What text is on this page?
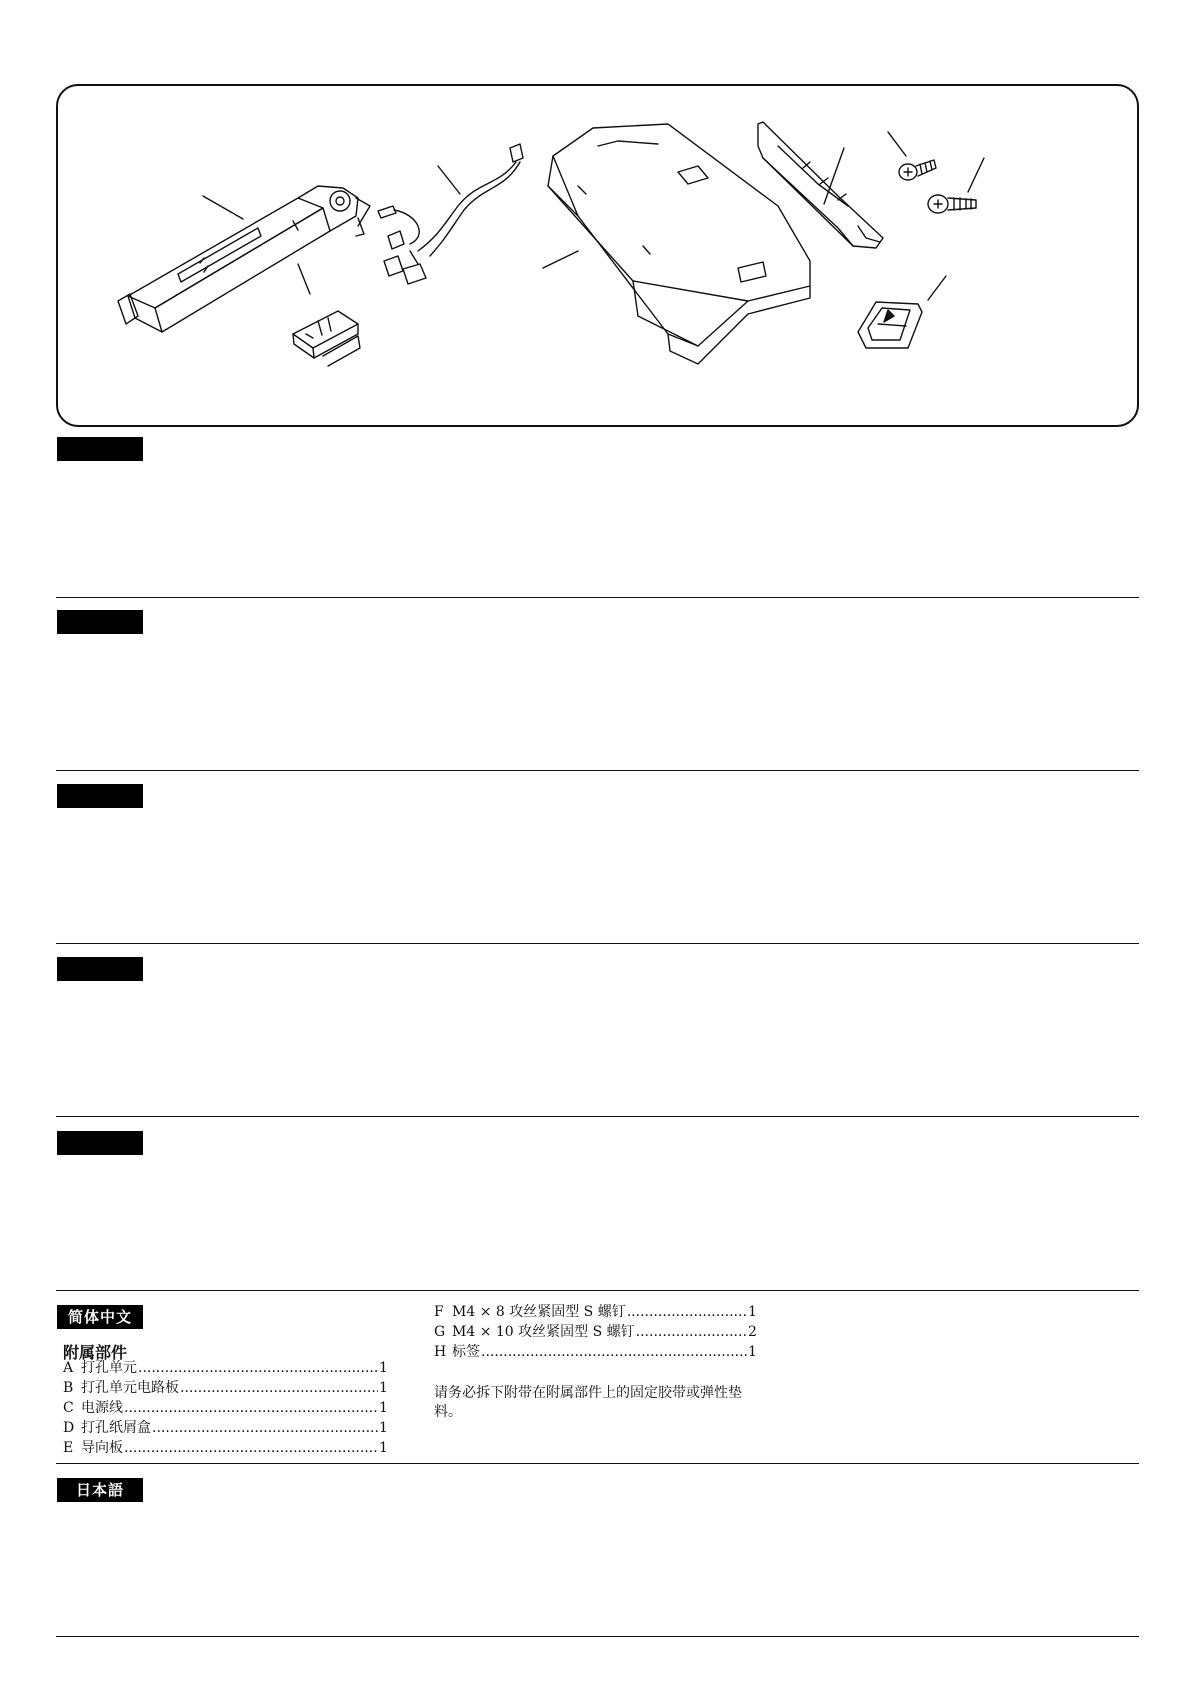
简体中文
附属部件
A 打孔单元 .....	1
B 打孔单元电路板 .....	1
C 电源线 .....	1
D 打孔纸屑盒 .....	1
E 导向板 .....	1
F M4 × 8 攻丝紧固型 S 螺钉 .....	1
G M4 × 10 攻丝紧固型 S 螺钉 .....	2
H 标签 .....	1
请务必拆下附带在附属部件上的固定胶带或弹性垫料。
日本語
